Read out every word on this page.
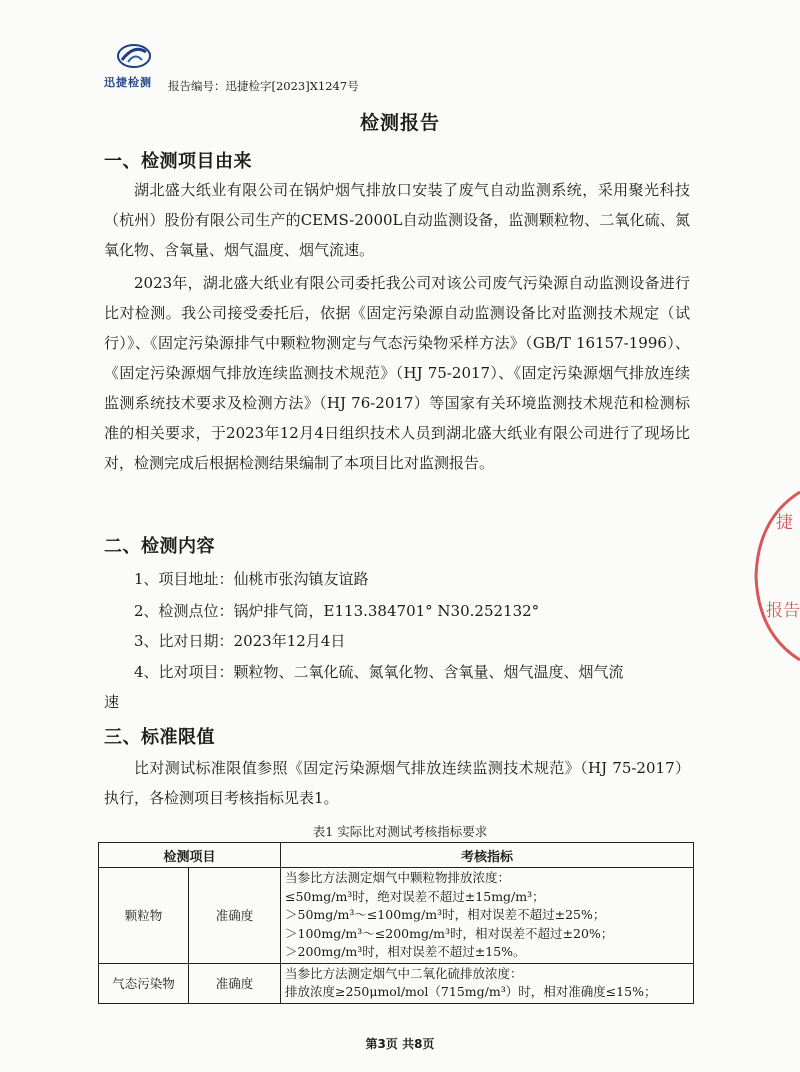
迅捷检测 报告编号：迅捷检字[2023]X1247号
检测报告
一、检测项目由来

湖北盛大纸业有限公司在锅炉烟气排放口安装了废气自动监测系统，采用聚光科技（杭州）股份有限公司生产的CEMS-2000L自动监测设备，监测颗粒物、二氧化硫、氮氧化物、含氧量、烟气温度、烟气流速。

2023年，湖北盛大纸业有限公司委托我公司对该公司废气污染源自动监测设备进行比对检测。我公司接受委托后，依据《固定污染源自动监测设备比对监测技术规定（试行）》、《固定污染源排气中颗粒物测定与气态污染物采样方法》（GB/T 16157-1996）、《固定污染源烟气排放连续监测技术规范》（HJ 75-2017）、《固定污染源烟气排放连续监测系统技术要求及检测方法》（HJ 76-2017）等国家有关环境监测技术规范和检测标准的相关要求，于2023年12月4日组织技术人员到湖北盛大纸业有限公司进行了现场比对，检测完成后根据检测结果编制了本项目比对监测报告。

二、检测内容
1、项目地址：仙桃市张沟镇友谊路
2、检测点位：锅炉排气筒，E113.384701° N30.252132°
3、比对日期：2023年12月4日
4、比对项目：颗粒物、二氧化硫、氮氧化物、含氧量、烟气温度、烟气流
速
三、标准限值

比对测试标准限值参照《固定污染源烟气排放连续监测技术规范》（HJ 75-2017）执行，各检测项目考核指标见表1。

表1 实际比对测试考核指标要求
检测项目		考核指标
颗粒物	准确度	当参比方法测定烟气中颗粒物排放浓度：
≤50mg/m³时，绝对误差不超过±15mg/m³；
＞50mg/m³～≤100mg/m³时，相对误差不超过±25%；
＞100mg/m³～≤200mg/m³时，相对误差不超过±20%；
＞200mg/m³时，相对误差不超过±15%。

气态污染物	准确度	当参比方法测定烟气中二氧化硫排放浓度：
排放浓度≥250μmol/mol（715mg/m³）时，相对准确度≤15%；
捷
报告
第3页 共8页
